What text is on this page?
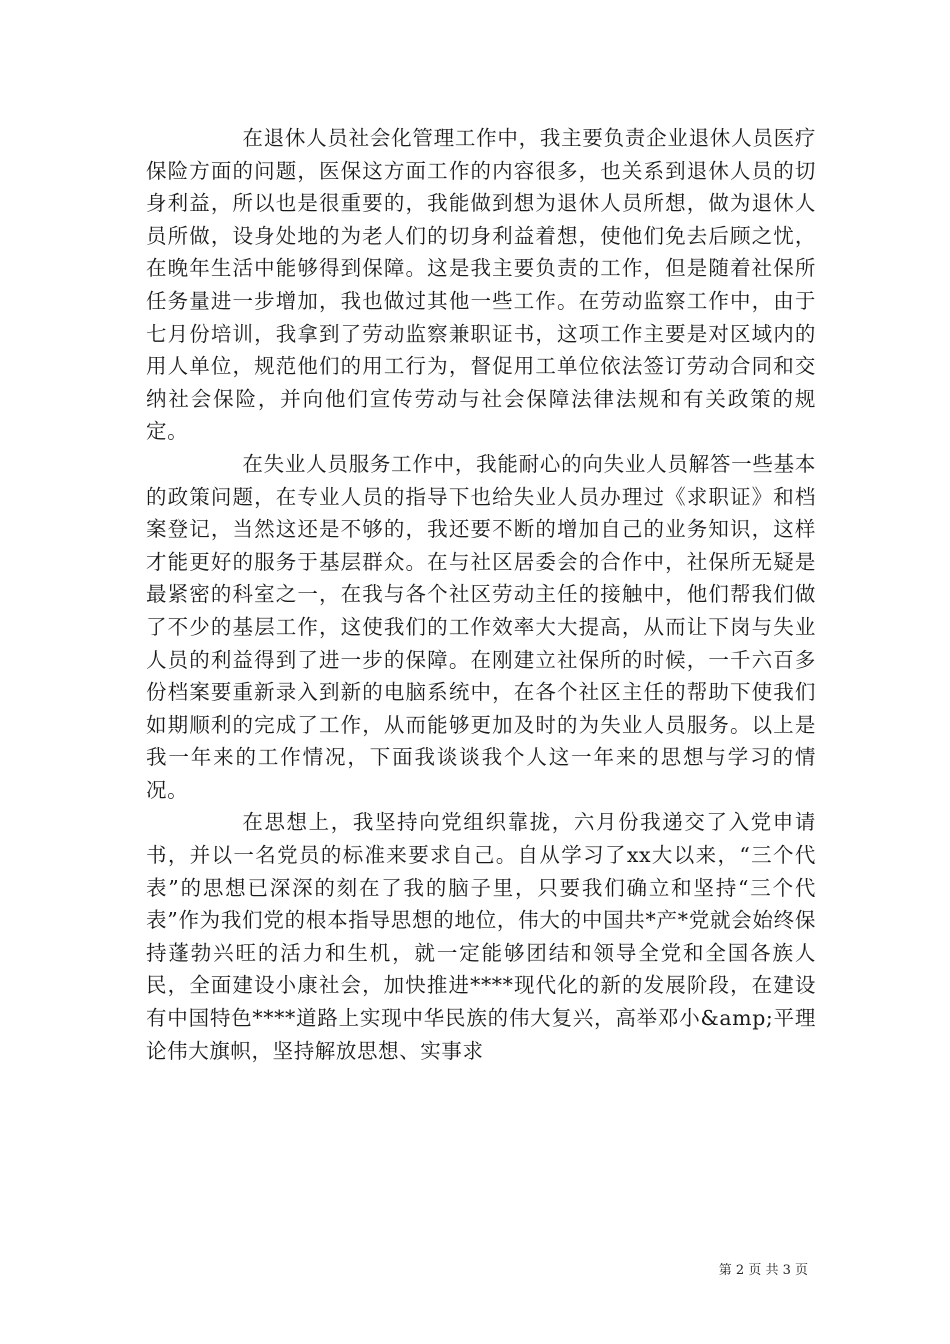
在退休人员社会化管理工作中，我主要负责企业退休人员医疗保险方面的问题，医保这方面工作的内容很多，也关系到退休人员的切身利益，所以也是很重要的，我能做到想为退休人员所想，做为退休人员所做，设身处地的为老人们的切身利益着想，使他们免去后顾之忧，在晚年生活中能够得到保障。这是我主要负责的工作，但是随着社保所任务量进一步增加，我也做过其他一些工作。在劳动监察工作中，由于七月份培训，我拿到了劳动监察兼职证书，这项工作主要是对区域内的用人单位，规范他们的用工行为，督促用工单位依法签订劳动合同和交纳社会保险，并向他们宣传劳动与社会保障法律法规和有关政策的规定。

在失业人员服务工作中，我能耐心的向失业人员解答一些基本的政策问题，在专业人员的指导下也给失业人员办理过《求职证》和档案登记，当然这还是不够的，我还要不断的增加自己的业务知识，这样才能更好的服务于基层群众。在与社区居委会的合作中，社保所无疑是最紧密的科室之一，在我与各个社区劳动主任的接触中，他们帮我们做了不少的基层工作，这使我们的工作效率大大提高，从而让下岗与失业人员的利益得到了进一步的保障。在刚建立社保所的时候，一千六百多份档案要重新录入到新的电脑系统中，在各个社区主任的帮助下使我们如期顺利的完成了工作，从而能够更加及时的为失业人员服务。以上是我一年来的工作情况，下面我谈谈我个人这一年来的思想与学习的情况。

在思想上，我坚持向党组织靠拢，六月份我递交了入党申请书，并以一名党员的标准来要求自己。自从学习了xx大以来，“三个代表”的思想已深深的刻在了我的脑子里，只要我们确立和坚持“三个代表”作为我们党的根本指导思想的地位，伟大的中国共*产*党就会始终保持蓬勃兴旺的活力和生机，就一定能够团结和领导全党和全国各族人民，全面建设小康社会，加快推进****现代化的新的发展阶段，在建设有中国特色****道路上实现中华民族的伟大复兴，高举邓小&amp;平理论伟大旗帜，坚持解放思想、实事求

第 2 页 共 3 页
